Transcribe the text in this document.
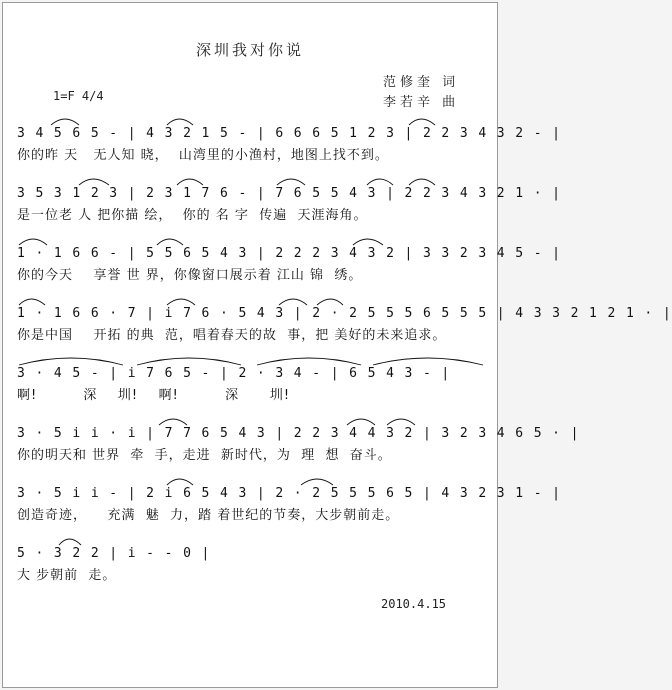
深圳我对你说
范修奎 词
李若辛 曲
1=F 4/4
3 4 5 6 5 - | 4 3 2 1 5 - | 6 6 6 5 1 2 3 | 2 2 3 4 3 2 - |
你的昨 天   无人知 晓，  山湾里的小渔村，地图上找不到。
3 5 3 1 2 3 | 2 3 1 7 6 - | 7 6 5 5 4 3 | 2 2 3 4 3 2 1 · |
是一位老 人 把你描 绘，  你的 名 字  传遍  天涯海角。
1 · 1 6 6 - | 5 5 6 5 4 3 | 2 2 2 3 4 3 2 | 3 3 2 3 4 5 - |
你的今天    享誉 世 界，你像窗口展示着 江山 锦  绣。
1 · 1 6 6 · 7 | i 7 6 · 5 4 3 | 2 · 2 5 5 5 6 5 5 5 | 4 3 3 2 1 2 1 · |
你是中国    开拓 的典  范，唱着春天的故  事，把 美好的未来追求。
3 · 4 5 - | i 7 6 5 - | 2 · 3 4 - | 6 5 4 3 - |
啊!         深    圳!    啊!         深      圳!
3 · 5 i i · i | 7 7 6 5 4 3 | 2 2 3 4 4 3 2 | 3 2 3 4 6 5 · |
你的明天和 世界  牵  手，走进  新时代，为  理  想  奋斗。
3 · 5 i i - | 2 i 6 5 4 3 | 2 · 2 5 5 5 6 5 | 4 3 2 3 1 - |
创造奇迹，    充满  魅  力，踏 着世纪的节奏，大步朝前走。
5 · 3 2 2 | i - - 0 |
大 步朝前  走。
2010.4.15
